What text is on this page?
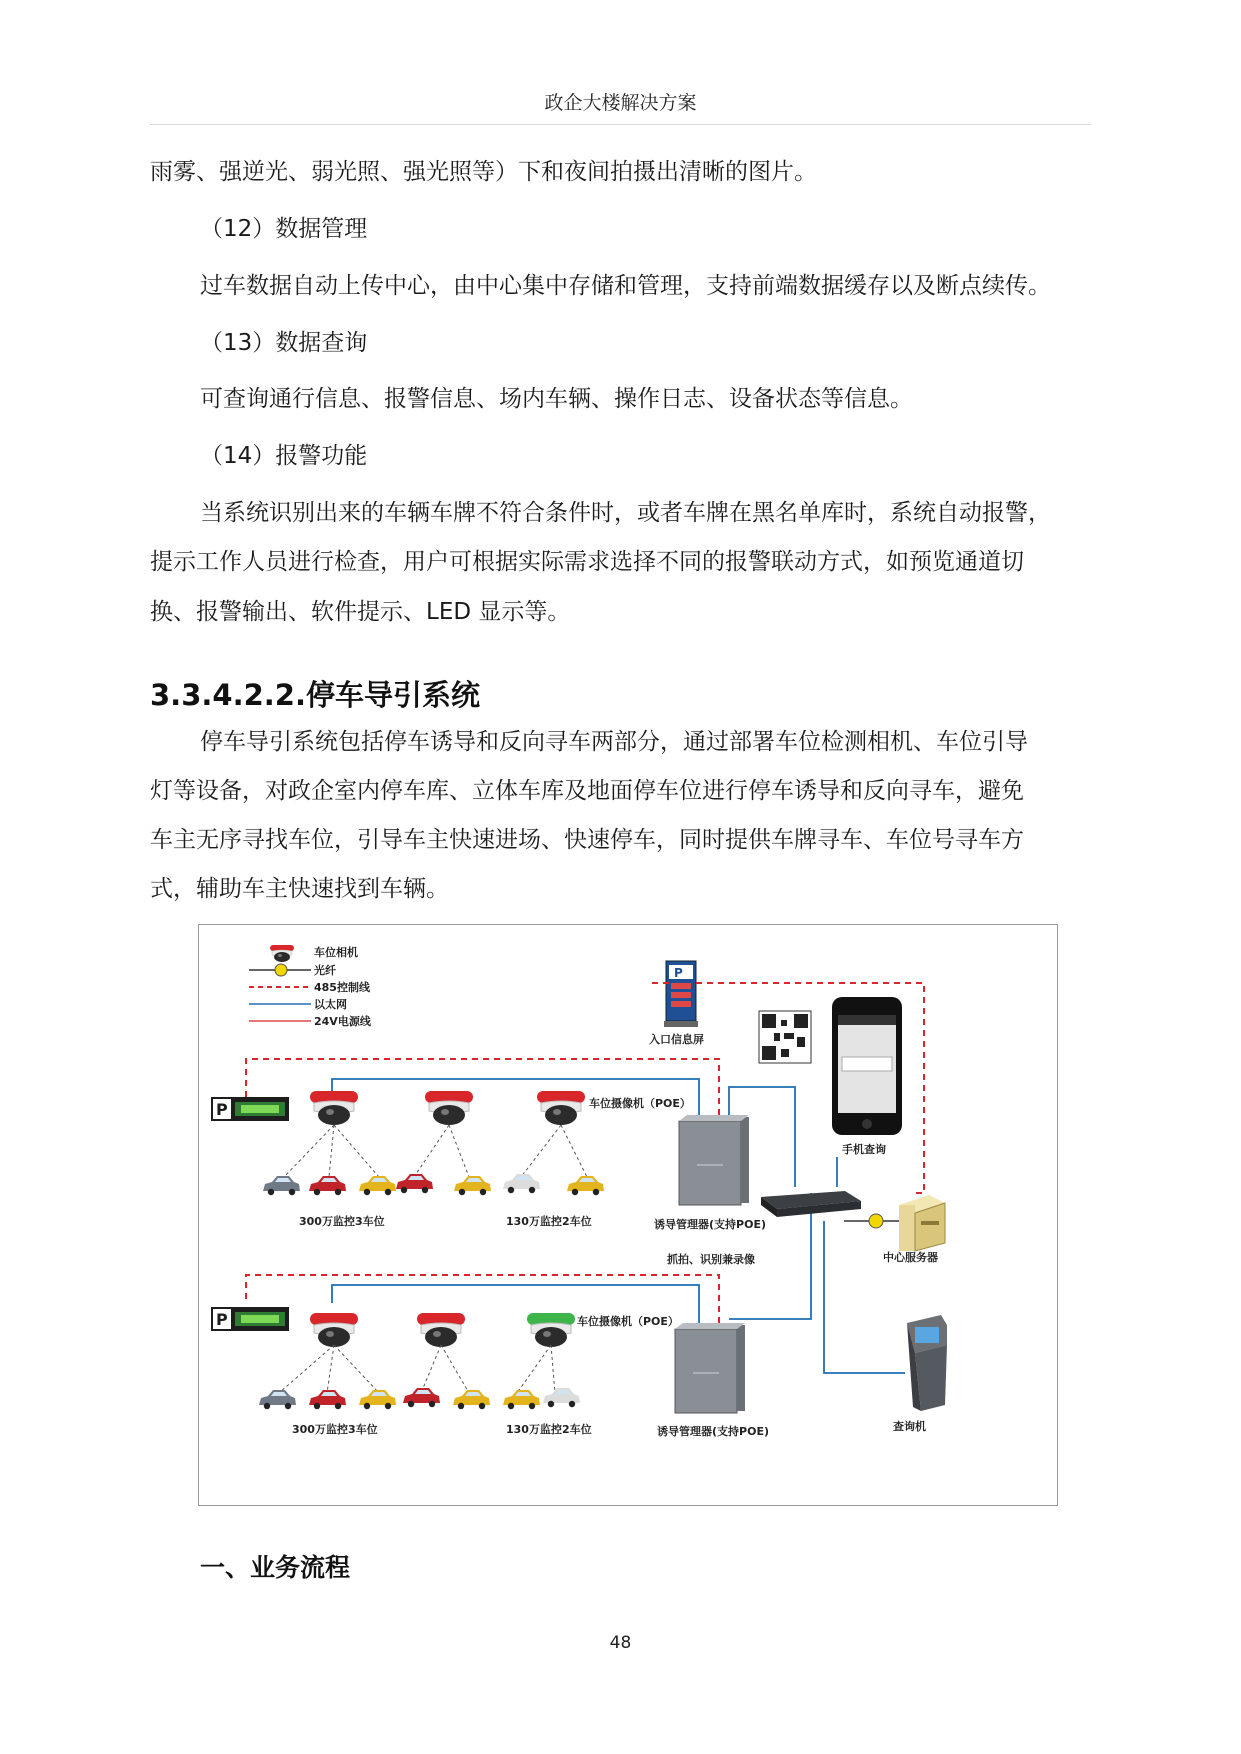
政企大楼解决方案
雨雾、强逆光、弱光照、强光照等）下和夜间拍摄出清晰的图片。
（12）数据管理
过车数据自动上传中心，由中心集中存储和管理，支持前端数据缓存以及断点续传。
（13）数据查询
可查询通行信息、报警信息、场内车辆、操作日志、设备状态等信息。
（14）报警功能
当系统识别出来的车辆车牌不符合条件时，或者车牌在黑名单库时，系统自动报警，
提示工作人员进行检查，用户可根据实际需求选择不同的报警联动方式，如预览通道切
换、报警输出、软件提示、LED 显示等。
3.3.4.2.2.停车导引系统
停车导引系统包括停车诱导和反向寻车两部分，通过部署车位检测相机、车位引导
灯等设备，对政企室内停车库、立体车库及地面停车位进行停车诱导和反向寻车，避免
车主无序寻找车位，引导车主快速进场、快速停车，同时提供车牌寻车、车位号寻车方
式，辅助车主快速找到车辆。
P
车位相机
光纤
485控制线
以太网
24V电源线
P
入口信息屏
手机查询
车位摄像机（POE）
300万监控3车位	130万监控2车位	诱导管理器(支持POE)
抓拍、识别兼录像	中心服务器
车位摄像机（POE）
300万监控3车位	130万监控2车位	诱导管理器(支持POE)	查询机
一、业务流程
48
